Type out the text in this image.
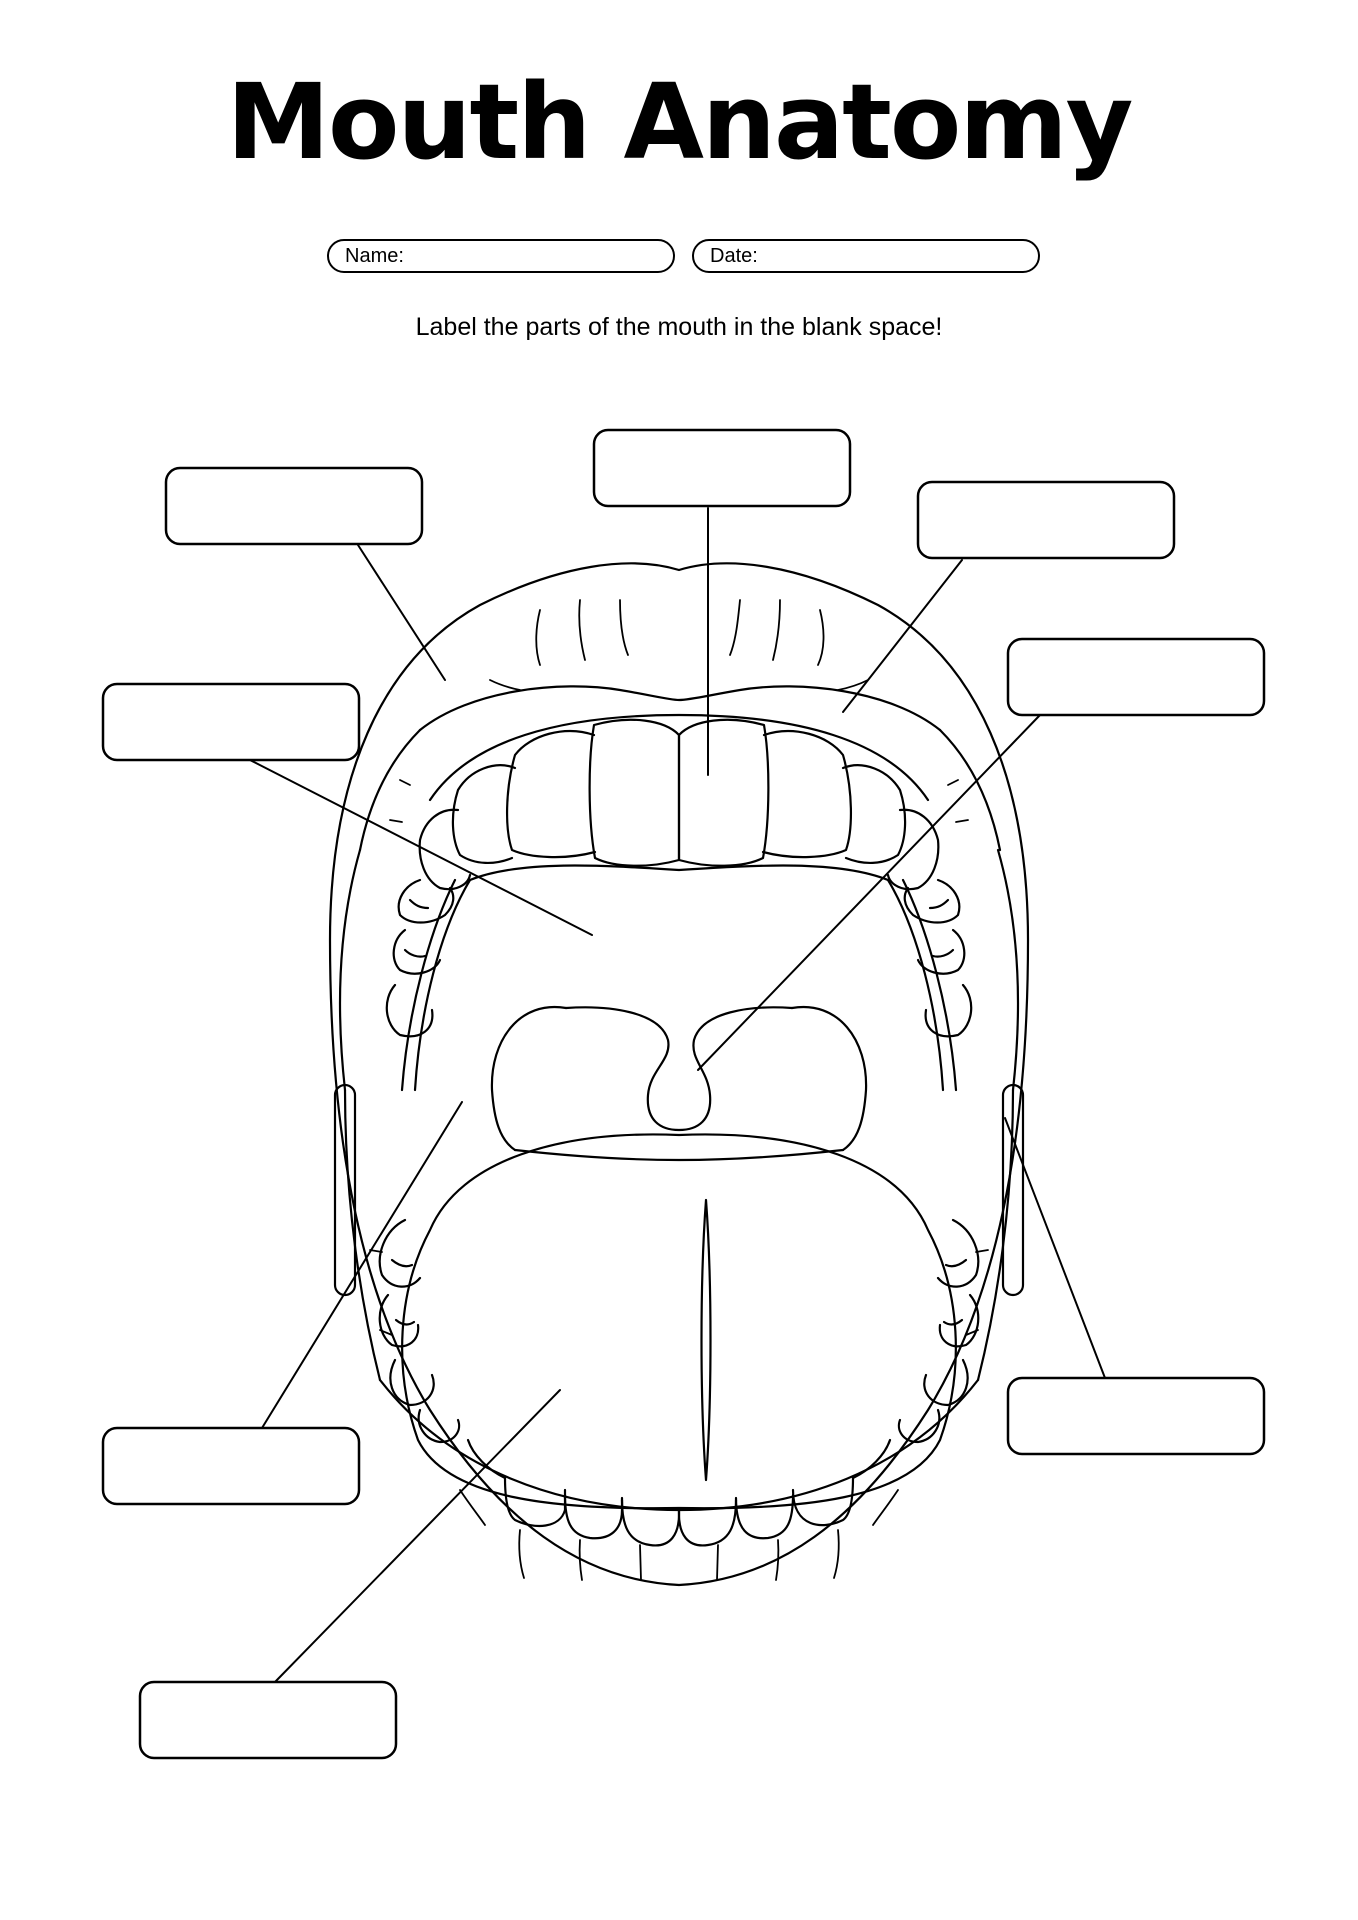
Mouth Anatomy
Name:	Date:
Label the parts of the mouth in the blank space!
